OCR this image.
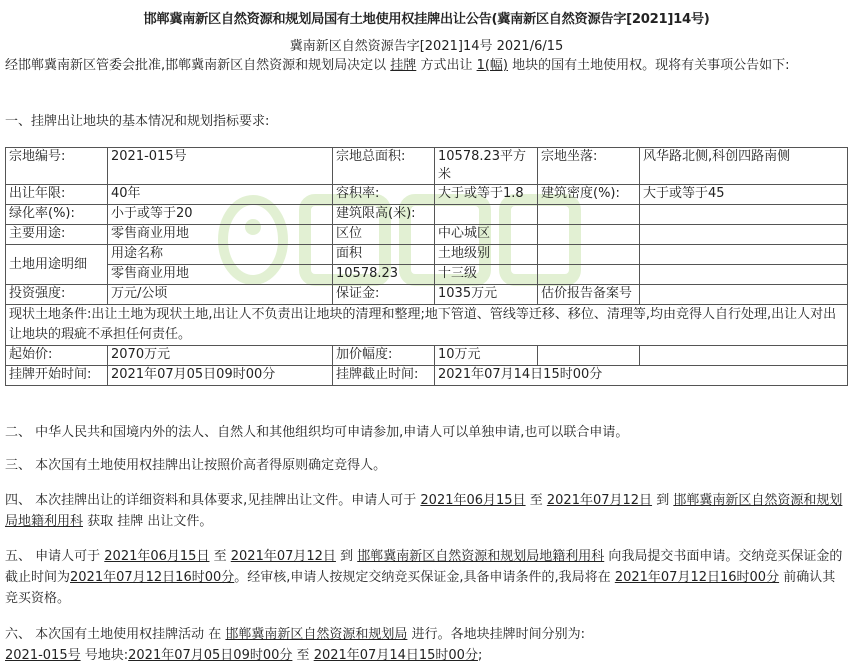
邯郸冀南新区自然资源和规划局国有土地使用权挂牌出让公告(冀南新区自然资源告字[2021]14号)
冀南新区自然资源告字[2021]14号 2021/6/15
经邯郸冀南新区管委会批准,邯郸冀南新区自然资源和规划局决定以 挂牌 方式出让 1(幅) 地块的国有土地使用权。现将有关事项公告如下:
一、挂牌出让地块的基本情况和规划指标要求:
宗地编号:	2021-015号	宗地总面积:	10578.23平方米	宗地坐落:	风华路北侧,科创四路南侧
出让年限:	40年	容积率:	大于或等于1.8	建筑密度(%):	大于或等于45
绿化率(%):	小于或等于20	建筑限高(米):			
主要用途:	零售商业用地	区位	中心城区		
土地用途明细	用途名称	面积	土地级别		
	零售商业用地	10578.23	十三级		
投资强度:	万元/公顷	保证金:	1035万元	估价报告备案号	
现状土地条件:出让土地为现状土地,出让人不负责出让地块的清理和整理;地下管道、管线等迁移、移位、清理等,均由竞得人自行处理,出让人对出让地块的瑕疵不承担任何责任。					
起始价:	2070万元	加价幅度:	10万元		
挂牌开始时间:	2021年07月05日09时00分	挂牌截止时间:	2021年07月14日15时00分		
二、 中华人民共和国境内外的法人、自然人和其他组织均可申请参加,申请人可以单独申请,也可以联合申请。
三、 本次国有土地使用权挂牌出让按照价高者得原则确定竞得人。
四、 本次挂牌出让的详细资料和具体要求,见挂牌出让文件。申请人可于 2021年06月15日 至 2021年07月12日 到 邯郸冀南新区自然资源和规划局地籍利用科 获取 挂牌 出让文件。
五、 申请人可于 2021年06月15日 至 2021年07月12日 到 邯郸冀南新区自然资源和规划局地籍利用科 向我局提交书面申请。交纳竞买保证金的截止时间为2021年07月12日16时00分。经审核,申请人按规定交纳竞买保证金,具备申请条件的,我局将在 2021年07月12日16时00分 前确认其竞买资格。
六、 本次国有土地使用权挂牌活动 在 邯郸冀南新区自然资源和规划局 进行。各地块挂牌时间分别为:
2021-015号 号地块:2021年07月05日09时00分 至 2021年07月14日15时00分;
